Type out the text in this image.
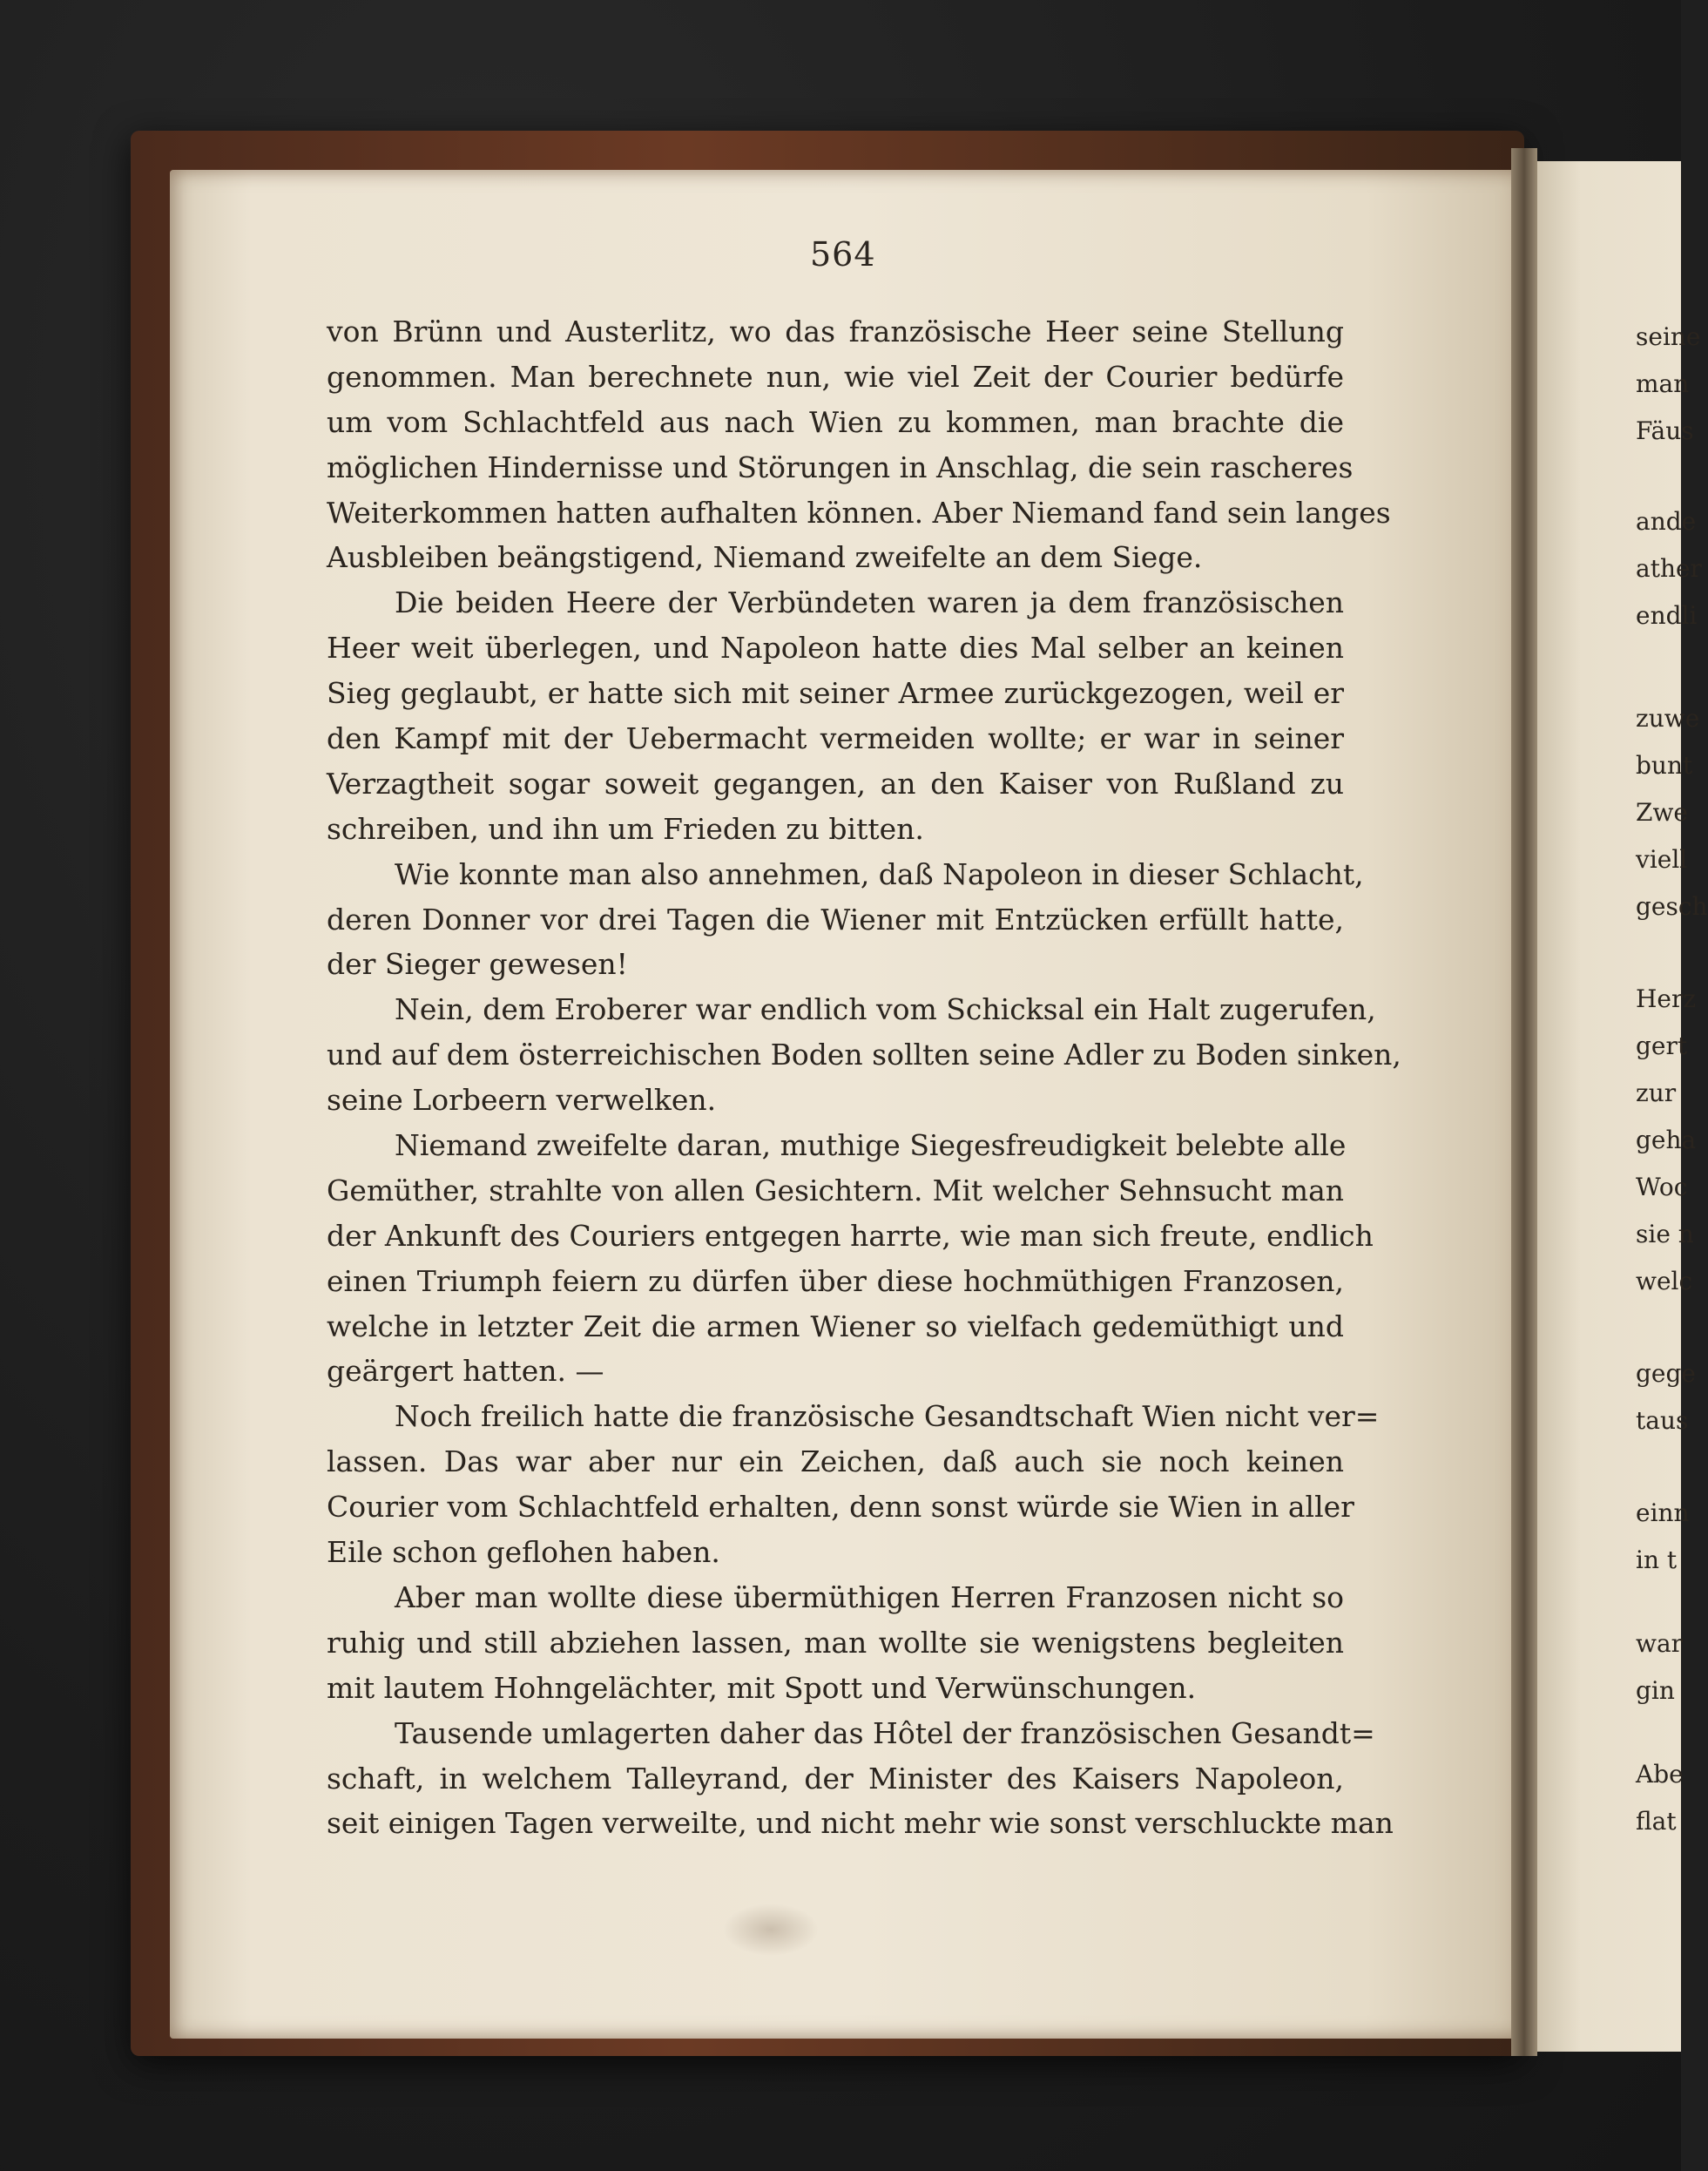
564
von Brünn und Austerlitz, wo das französische Heer seine Stellung
genommen. Man berechnete nun, wie viel Zeit der Courier bedürfe
um vom Schlachtfeld aus nach Wien zu kommen, man brachte die
möglichen Hindernisse und Störungen in Anschlag, die sein rascheres
Weiterkommen hatten aufhalten können. Aber Niemand fand sein langes
Ausbleiben beängstigend, Niemand zweifelte an dem Siege.
Die beiden Heere der Verbündeten waren ja dem französischen
Heer weit überlegen, und Napoleon hatte dies Mal selber an keinen
Sieg geglaubt, er hatte sich mit seiner Armee zurückgezogen, weil er
den Kampf mit der Uebermacht vermeiden wollte; er war in seiner
Verzagtheit sogar soweit gegangen, an den Kaiser von Rußland zu
schreiben, und ihn um Frieden zu bitten.
Wie konnte man also annehmen, daß Napoleon in dieser Schlacht,
deren Donner vor drei Tagen die Wiener mit Entzücken erfüllt hatte,
der Sieger gewesen!
Nein, dem Eroberer war endlich vom Schicksal ein Halt zugerufen,
und auf dem österreichischen Boden sollten seine Adler zu Boden sinken,
seine Lorbeern verwelken.
Niemand zweifelte daran, muthige Siegesfreudigkeit belebte alle
Gemüther, strahlte von allen Gesichtern. Mit welcher Sehnsucht man
der Ankunft des Couriers entgegen harrte, wie man sich freute, endlich
einen Triumph feiern zu dürfen über diese hochmüthigen Franzosen,
welche in letzter Zeit die armen Wiener so vielfach gedemüthigt und
geärgert hatten. —
Noch freilich hatte die französische Gesandtschaft Wien nicht ver=
lassen. Das war aber nur ein Zeichen, daß auch sie noch keinen
Courier vom Schlachtfeld erhalten, denn sonst würde sie Wien in aller
Eile schon geflohen haben.
Aber man wollte diese übermüthigen Herren Franzosen nicht so
ruhig und still abziehen lassen, man wollte sie wenigstens begleiten
mit lautem Hohngelächter, mit Spott und Verwünschungen.
Tausende umlagerten daher das Hôtel der französischen Gesandt=
schaft, in welchem Talleyrand, der Minister des Kaisers Napoleon,
seit einigen Tagen verweilte, und nicht mehr wie sonst verschluckte man
seine
man
Fäus
ande
ather
endli
zuwe
bunt
Zwe
viell
gesch
Herz
gert
zur
geha
Woc
sie n
welc
gege
taus
einn
in t
war
gin
Abe
flat
